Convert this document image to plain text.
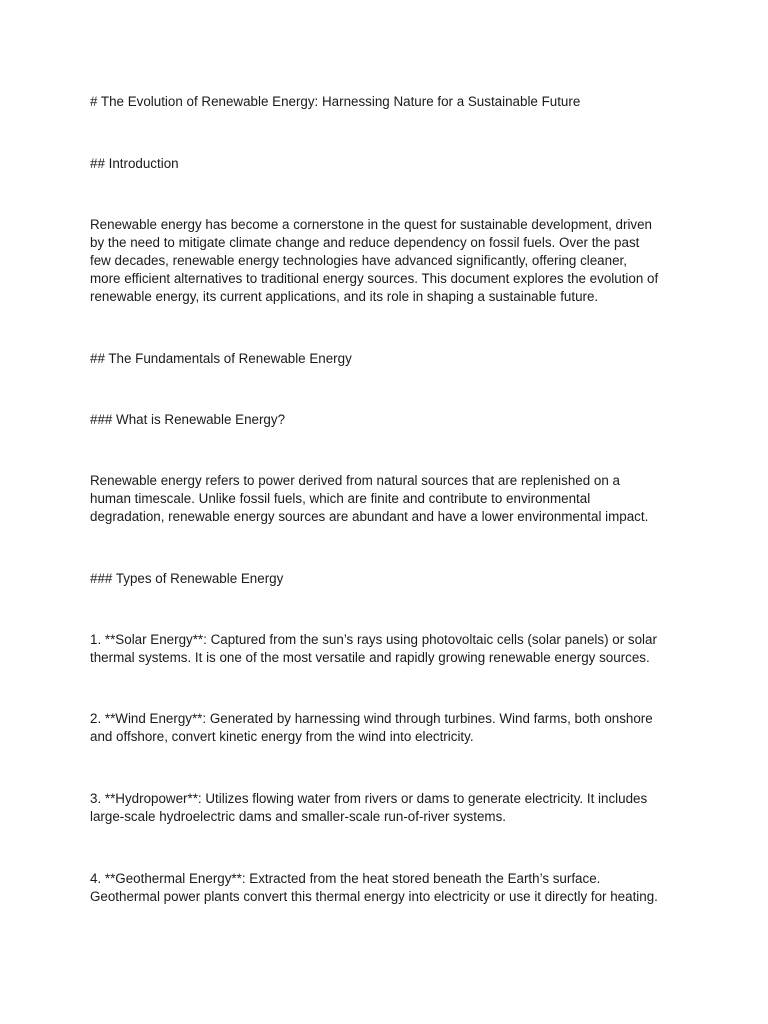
# The Evolution of Renewable Energy: Harnessing Nature for a Sustainable Future

## Introduction

Renewable energy has become a cornerstone in the quest for sustainable development, driven
by the need to mitigate climate change and reduce dependency on fossil fuels. Over the past
few decades, renewable energy technologies have advanced significantly, offering cleaner,
more efficient alternatives to traditional energy sources. This document explores the evolution of
renewable energy, its current applications, and its role in shaping a sustainable future.

## The Fundamentals of Renewable Energy

### What is Renewable Energy?

Renewable energy refers to power derived from natural sources that are replenished on a
human timescale. Unlike fossil fuels, which are finite and contribute to environmental
degradation, renewable energy sources are abundant and have a lower environmental impact.

### Types of Renewable Energy

1. **Solar Energy**: Captured from the sun’s rays using photovoltaic cells (solar panels) or solar
thermal systems. It is one of the most versatile and rapidly growing renewable energy sources.

2. **Wind Energy**: Generated by harnessing wind through turbines. Wind farms, both onshore
and offshore, convert kinetic energy from the wind into electricity.

3. **Hydropower**: Utilizes flowing water from rivers or dams to generate electricity. It includes
large-scale hydroelectric dams and smaller-scale run-of-river systems.

4. **Geothermal Energy**: Extracted from the heat stored beneath the Earth’s surface.
Geothermal power plants convert this thermal energy into electricity or use it directly for heating.
